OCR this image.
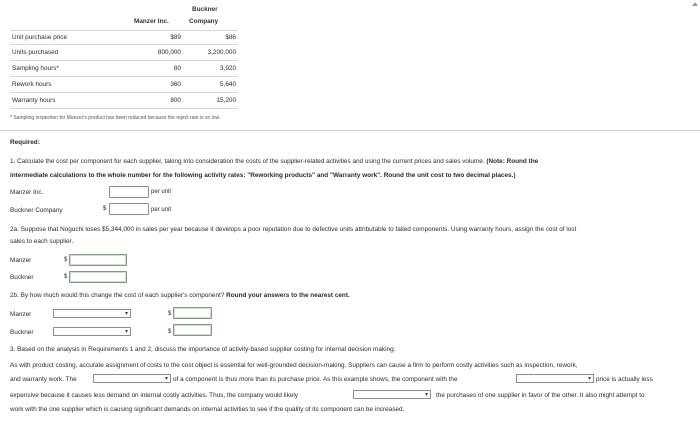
Manzer Inc.
Buckner
Company
Unit purchase price	$89	$86
Units purchased	800,000	3,200,000
Sampling hours*	80	3,920
Rework hours	360	5,640
Warranty hours	800	15,200
* Sampling inspection for Manzer's product has been reduced because the reject rate is so low.
Required:
1. Calculate the cost per component for each supplier, taking into consideration the costs of the supplier-related activities and using the current prices and sales volume. (Note: Round the
intermediate calculations to the whole number for the following activity rates: "Reworking products" and "Warranty work". Round the unit cost to two decimal places.)
Manzer Inc.	per unit
Buckner Company	$	per unit
2a. Suppose that Noguchi loses $5,344,000 in sales per year because it develops a poor reputation due to defective units attributable to failed components. Using warranty hours, assign the cost of lost
sales to each supplier.
Manzer	$
Buckner	$
2b. By how much would this change the cost of each supplier's component? Round your answers to the nearest cent.
Manzer	▾	$
Buckner	▾	$
3. Based on the analysis in Requirements 1 and 2, discuss the importance of activity-based supplier costing for internal decision making.
As with product costing, accurate assignment of costs to the cost object is essential for well-grounded decision-making. Suppliers can cause a firm to perform costly activities such as inspection, rework,
and warranty work. The	▾ of a component is thus more than its purchase price. As this example shows, the component with the	▾ price is actually less
expensive because it causes less demand on internal costly activities. Thus, the company would likely	▾ the purchases of one supplier in favor of the other. It also might attempt to
work with the one supplier which is causing significant demands on internal activities to see if the quality of its component can be increased.
